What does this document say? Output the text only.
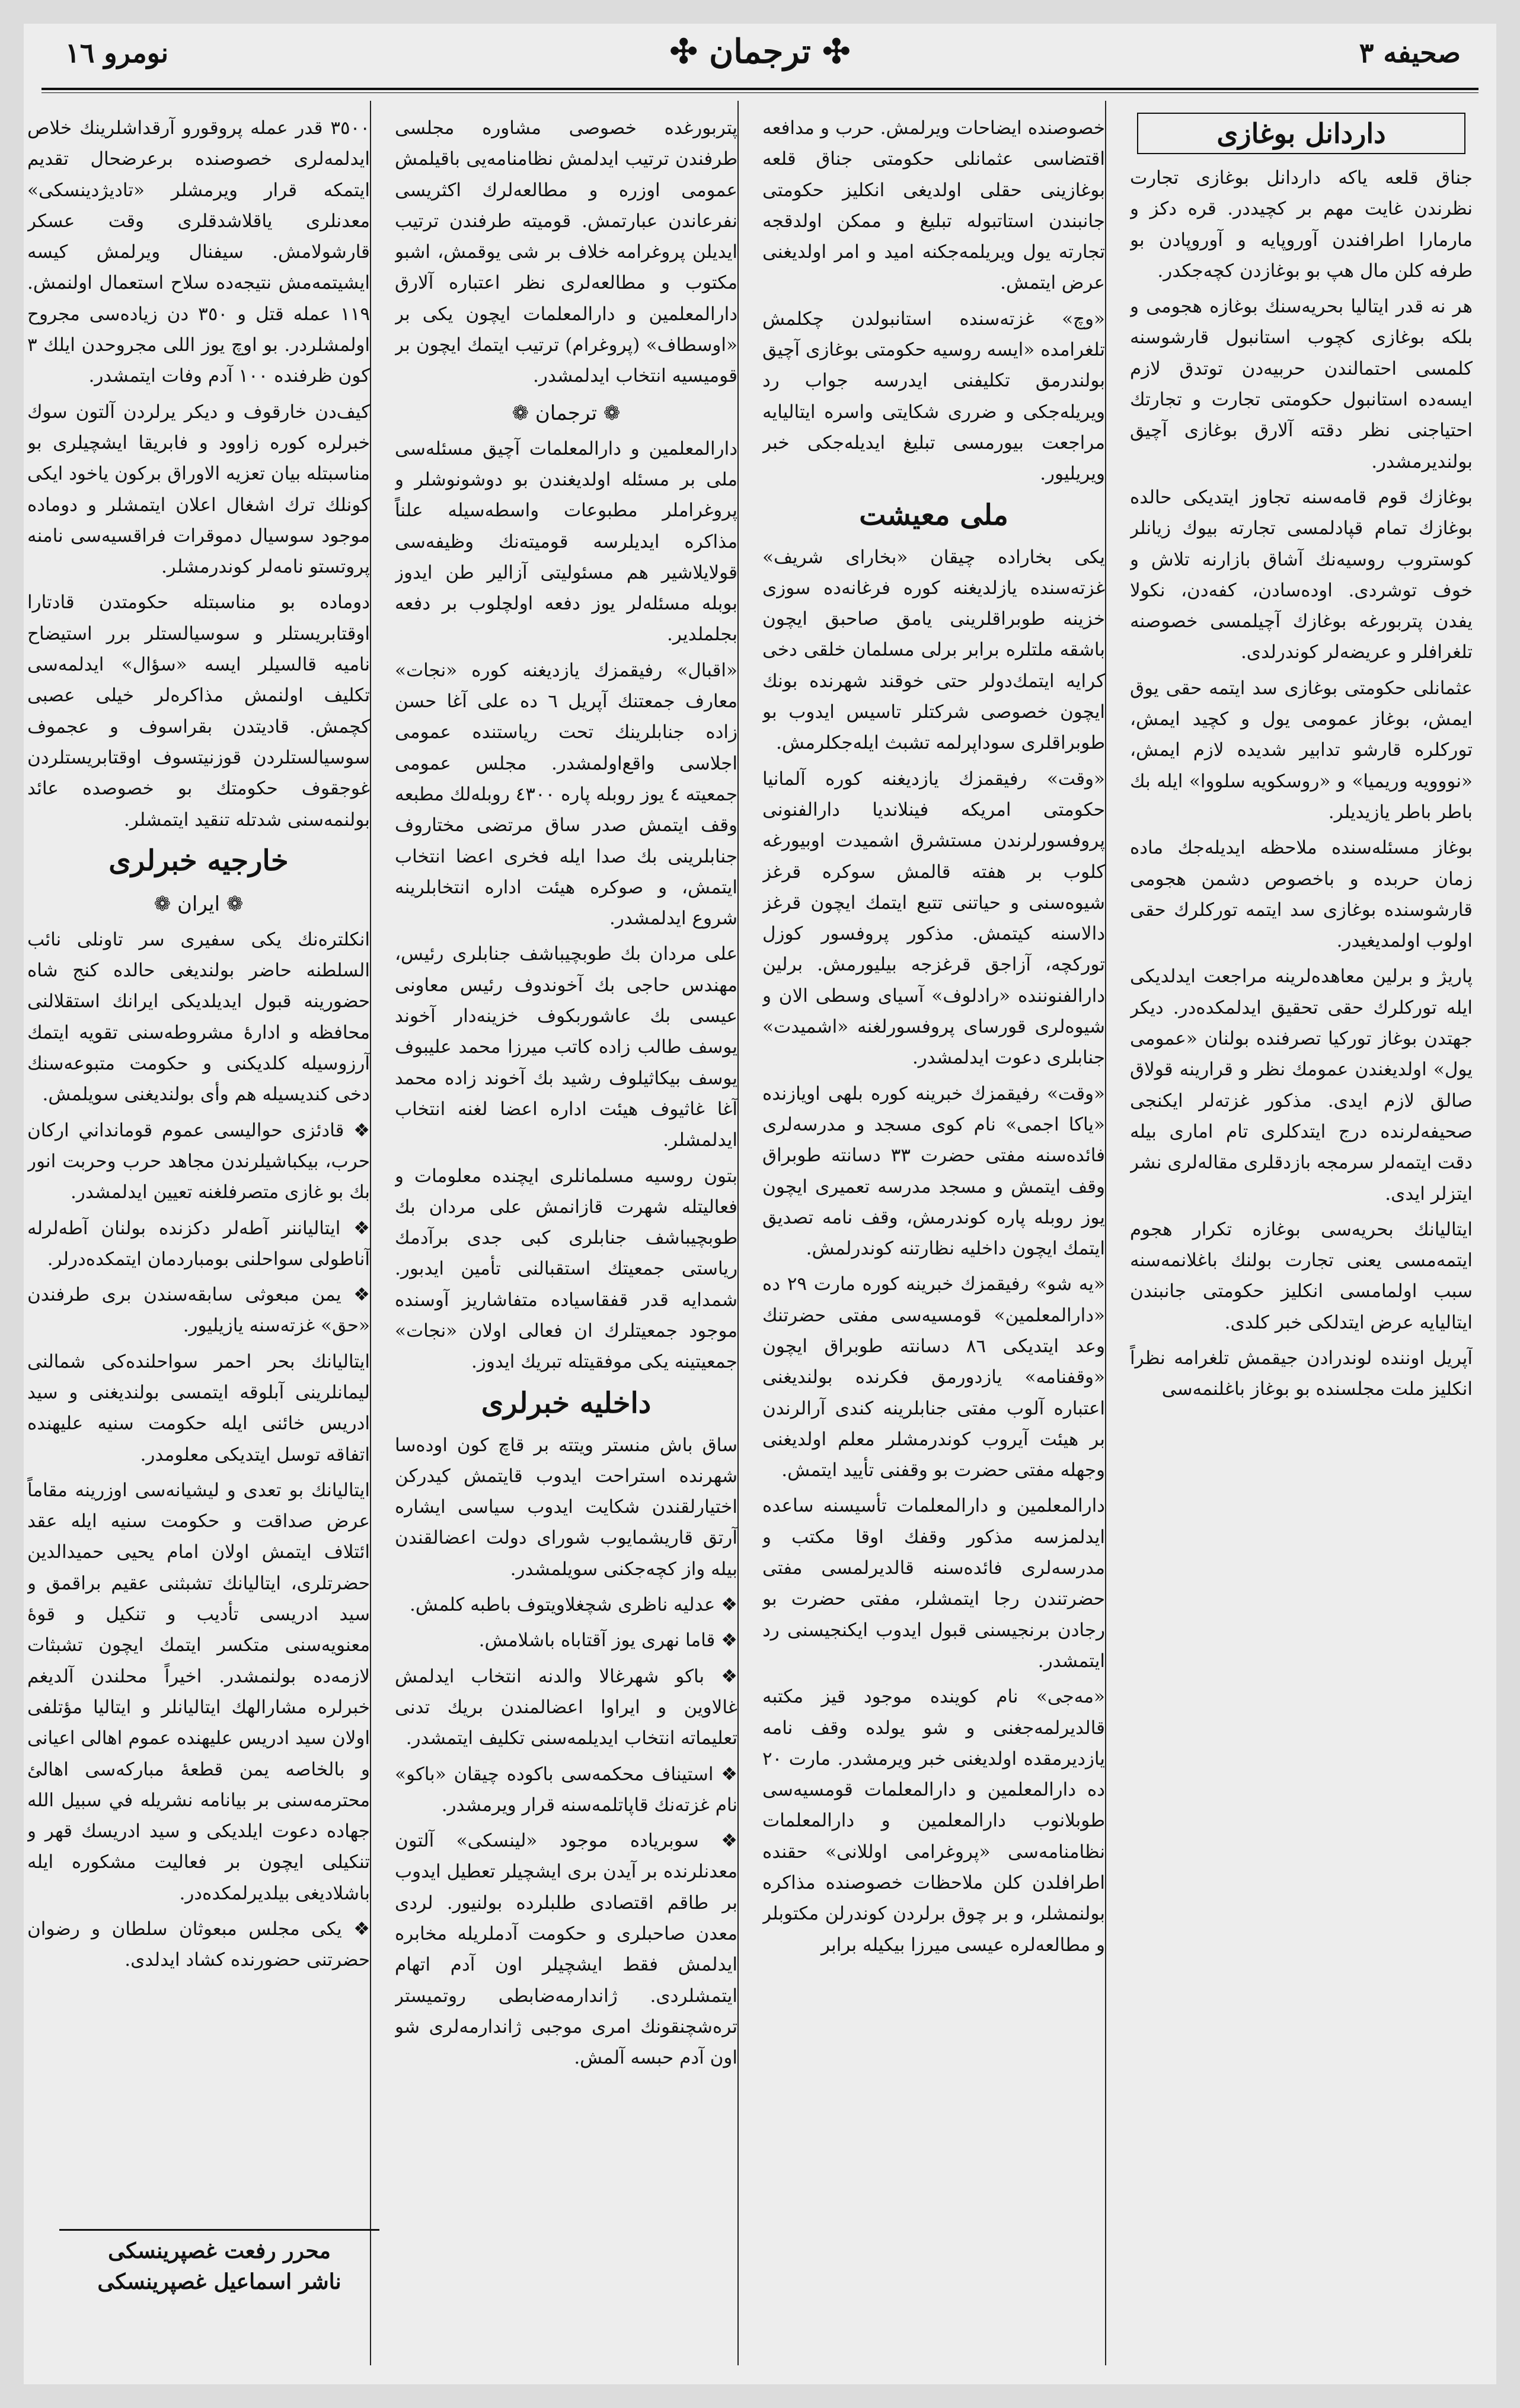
صحيفه ٣
✣ ترجمان ✣
نومرو ١٦
داردانل بوغازى

جناق قلعه ياكه داردانل بوغازى تجارت نظرندن غايت مهم بر كچيددر. قره دكز و مارمارا اطرافندن آوروپايه و آوروپادن بو طرفه كلن مال هپ بو بوغازدن كچه‌جكدر.

هر نه قدر ايتاليا بحريه‌سنك بوغازه هجومى و بلكه بوغازى كچوب استانبول قارشوسنه كلمسى احتمالندن حربيه‌دن توتدق لازم ايسه‌ده استانبول حكومتى تجارت و تجارتك احتياجنى نظر دقته آلارق بوغازى آچيق بولنديرمشدر.

بوغازك قوم قامه‌سنه تجاوز ايتديكى حالده بوغازك تمام قپادلمسى تجارته بيوك زيانلر كوستروب روسيه‌نك آشاق بازارنه تلاش و خوف توشردى. اوده‌سادن، كفه‌دن، نكولا يفدن پتربورغه بوغازك آچيلمسى خصوصنه تلغرافلر و عريضه‌لر كوندرلدى.

عثمانلى حكومتى بوغازى سد ايتمه حقى يوق ايمش، بوغاز عمومى يول و كچيد ايمش، توركلره قارشو تدابير شديده لازم ايمش، «نووويه وريميا» و «روسكويه سلووا» ايله بك باطر باطر يازيديلر.

بوغاز مسئله‌سنده ملاحظه ايديله‌جك ماده زمان حربده و باخصوص دشمن هجومى قارشوسنده بوغازى سد ايتمه توركلرك حقى اولوب اولمديغيدر.

پاريژ و برلين معاهده‌لرينه مراجعت ايدلديكى ايله توركلرك حقى تحقيق ايدلمكده‌در. ديكر جهتدن بوغاز توركيا تصرفنده بولنان «عمومى يول» اولديغندن عمومك نظر و قرارينه قولاق صالق لازم ايدى. مذكور غزته‌لر ايكنجى صحيفه‌لرنده درج ايتدكلرى تام امارى بيله دقت ايتمه‌لر سرمجه بازدقلرى مقاله‌لرى نشر ايتزلر ايدى.

ايتاليانك بحريه‌سى بوغازه تكرار هجوم ايتمه‌مسى يعنى تجارت بولنك باغلانمه‌سنه سبب اولمامسى انكليز حكومتى جانبندن ايتاليايه عرض ايتدلكى خبر كلدى.

آپريل اوننده لوندرادن جيقمش تلغرامه نظراً انكليز ملت مجلسنده بو بوغاز باغلنمه‌سى

خصوصنده ايضاحات ويرلمش. حرب و مدافعه اقتضاسى عثمانلى حكومتى جناق قلعه بوغازينى حقلى اولديغى انكليز حكومتى جانبندن استاتبوله تبليغ و ممكن اولدقجه تجارته يول ويريلمه‌جكنه اميد و امر اولديغنى عرض ايتمش.

«وچ» غزته‌سنده استانبولدن چكلمش تلغرامده «ايسه روسيه حكومتى بوغازى آچيق بولندرمق تكليفنى ايدرسه جواب رد ويريله‌جكى و ضررى شكايتى واسره ايتاليايه مراجعت بيورمسى تبليغ ايديله‌جكى خبر ويريليور.

ملى معيشت

يكى بخاراده چيقان «بخاراى شريف» غزته‌سنده يازلديغنه كوره فرغانه‌ده سوزى خزينه طوبراقلرينى يامق صاحبق ايچون باشقه ملتلره برابر برلى مسلمان خلقى دخى كرايه ايتمك‌دولر حتى خوقند شهرنده بونك ايچون خصوصى شركتلر تاسيس ايدوب بو طوبراقلرى سوداپرلمه تشبث ايله‌جكلرمش.

«وقت» رفيقمزك يازديغنه كوره آلمانيا حكومتى امريكه فينلانديا دارالفنونى پروفسورلرندن مستشرق اشميدت اوبيورغه كلوب بر هفته قالمش سوكره قرغز شيوه‌سنى و حياتنى تتبع ايتمك ايچون قرغز دالاسنه كيتمش. مذكور پروفسور كوزل توركچه، آزاجق قرغزجه بيليورمش. برلين دارالفنوننده «رادلوف» آسياى وسطى الان و شيوه‌لرى قورساى پروفسورلغنه «اشميدت» جنابلرى دعوت ايدلمشدر.

«وقت» رفيقمزك خبرينه كوره بلهى اويازنده «ياكا اجمى» نام كوى مسجد و مدرسه‌لرى فائده‌سنه مفتى حضرت ٣٣ دسانته طوبراق وقف ايتمش و مسجد مدرسه تعميرى ايچون يوز روبله پاره كوندرمش، وقف نامه تصديق ايتمك ايچون داخليه نظارتنه كوندرلمش.

«يه شو» رفيقمزك خبرينه كوره مارت ٢٩ ده «دارالمعلمين» قومسيه‌سى مفتى حضرتنك وعد ايتديكى ٨٦ دسانته طوبراق ايچون «وقفنامه» يازدورمق فكرنده بولنديغنى اعتباره آلوب مفتى جنابلرينه كندى آرالرندن بر هيئت آيروب كوندرمشلر معلم اولديغنى وجهله مفتى حضرت بو وقفنى تأييد ايتمش.

دارالمعلمين و دارالمعلمات تأسيسنه ساعده ايدلمزسه مذكور وقفك اوقا مكتب و مدرسه‌لرى فائده‌سنه قالديرلمسى مفتى حضرتندن رجا ايتمشلر، مفتى حضرت بو رجادن برنجيسنى قبول ايدوب ايكنجيسنى رد ايتمشدر.

«مه‌جى» نام كوينده موجود قيز مكتبه قالديرلمه‌جغنى و شو يولده وقف نامه يازديرمقده اولديغنى خبر ويرمشدر. مارت ٢٠ ده دارالمعلمين و دارالمعلمات قومسيه‌سى طوبلانوب دارالمعلمين و دارالمعلمات نظامنامه‌سى «پروغرامى اوللانى» حقنده اطرافلدن كلن ملاحظات خصوصنده مذاكره بولنمشلر، و بر چوق برلردن كوندرلن مكتوبلر و مطالعه‌لره عيسى ميرزا بيكيله برابر

پتربورغده خصوصى مشاوره مجلسى طرفندن ترتيب ايدلمش نظامنامه‌يى باقيلمش عمومى اوزره و مطالعه‌لرك اكثريسى نفرعاندن عبارتمش. قوميته طرفندن ترتيب ايديلن پروغرامه خلاف بر شى يوقمش، اشبو مكتوب و مطالعه‌لرى نظر اعتباره آلارق دارالمعلمين و دارالمعلمات ايچون يكى بر «اوسطاف» (پروغرام) ترتيب ايتمك ايچون بر قوميسيه انتخاب ايدلمشدر.

❁ ترجمان ❁

دارالمعلمين و دارالمعلمات آچيق مسئله‌سى ملى بر مسئله اولديغندن بو دوشونوشلر و پروغراملر مطبوعات واسطه‌سيله علناً مذاكره ايديلرسه قوميته‌نك وظيفه‌سى قولايلاشير هم مسئوليتى آزالير طن ايدوز بوبله مسئله‌لر يوز دفعه اولچلوب بر دفعه بجلملدير.

«اقبال» رفيقمزك يازديغنه كوره «نجات» معارف جمعتنك آپريل ٦ ده على آغا حسن زاده جنابلرينك تحت رياستنده عمومى اجلاسى واقع‌اولمشدر. مجلس عمومى جمعيته ٤ يوز روبله پاره ٤٣٠٠ روبله‌لك مطبعه وقف ايتمش صدر ساق مرتضى مختاروف جنابلرينى بك صدا ايله فخرى اعضا انتخاب ايتمش، و صوكره هيئت اداره انتخابلرينه شروع ايدلمشدر.

على مردان بك طوبچيباشف جنابلرى رئيس، مهندس حاجى بك آخوندوف رئيس معاونى عيسى بك عاشوربكوف خزينه‌دار آخوند يوسف طالب زاده كاتب ميرزا محمد عليبوف يوسف بيكاثيلوف رشيد بك آخوند زاده محمد آغا غاثيوف هيئت اداره اعضا لغنه انتخاب ايدلمشلر.

بتون روسيه مسلمانلرى ايچنده معلومات و فعاليتله شهرت قازانمش على مردان بك طوبچيباشف جنابلرى كبى جدى برآدمك رياستى جمعيتك استقبالنى تأمين ايدبور. شمدايه قدر قفقاسياده متفاشاريز آوسنده موجود جمعيتلرك ان فعالى اولان «نجات» جمعيتينه يكى موفقيتله تبريك ايدوز.

داخليه خبرلرى

ساق باش منستر ويتته بر قاچ كون اوده‌سا شهرنده استراحت ايدوب قايتمش كيدركن اختيارلقندن شكايت ايدوب سياسى ايشاره آرتق قاريشمايوب شوراى دولت اعضالقندن بيله واز كچه‌جكنى سويلمشدر.

❖ عدليه ناظرى شچغلاويتوف باطبه كلمش.

❖ قاما نهرى يوز آقتاباه باشلامش.

❖ باكو شهرغالا والدنه انتخاب ايدلمش غالاوين و ايراوا اعضالمندن بريك تدنى تعليماته انتخاب ايديلمه‌سنى تكليف ايتمشدر.

❖ استيناف محكمه‌سى باكوده چيقان «باكو» نام غزته‌نك قاپاتلمه‌سنه قرار ويرمشدر.

❖ سوبرياده موجود «لينسكى» آلتون معدنلرنده بر آيدن برى ايشچيلر تعطيل ايدوب بر طاقم اقتصادى طلبلرده بولنيور. لردى معدن صاحبلرى و حكومت آدملريله مخابره ايدلمش فقط ايشچيلر اون آدم اتهام ايتمشلردى. ژاندارمه‌ضابطى روتميستر تره‌شچنقونك امرى موجبى ژاندارمه‌لرى شو اون آدم حبسه آلمش.

٣٥٠٠ قدر عمله پروقورو آرقداشلرينك خلاص ايدلمه‌لرى خصوصنده برعرضحال تقديم ايتمكه قرار ويرمشلر «تاديژدينسكى» معدنلرى ياقلاشدقلرى وقت عسكر قارشولامش. سيفنال ويرلمش كيسه ايشيتمه‌مش نتيجه‌ده سلاح استعمال اولنمش. ١١٩ عمله قتل و ٣٥٠ دن زياده‌سى مجروح اولمشلردر. بو اوچ يوز اللى مجروحدن ايلك ٣ كون ظرفنده ١٠٠ آدم وفات ايتمشدر.

كيف‌دن خارقوف و ديكر يرلردن آلتون سوك خبرلره كوره زاوود و فابريقا ايشچيلرى بو مناسبتله بيان تعزيه الاوراق بركون ياخود ايكى كونلك ترك اشغال اعلان ايتمشلر و دوماده موجود سوسيال دموقرات فراقسيه‌سى نامنه پروتستو نامه‌لر كوندرمشلر.

دوماده بو مناسبتله حكومتدن قادتارا اوقتابريستلر و سوسيالستلر برر استيضاح ناميه قالسيلر ايسه «سؤال» ايدلمه‌سى تكليف اولنمش مذاكره‌لر خيلى عصبى كچمش. قاديتدن بقراسوف و عجموف سوسيالستلردن قوزنيتسوف اوقتابريستلردن غوجقوف حكومتك بو خصوصده عائد بولنمه‌سنى شدتله تنقيد ايتمشلر.

خارجيه خبرلرى
❁ ايران ❁

انكلتره‌نك يكى سفيرى سر تاونلى نائب السلطنه حاضر بولنديغى حالده كنج شاه حضورينه قبول ايديلديكى ايرانك استقلالنى محافظه و ادارهٔ مشروطه‌سنى تقويه ايتمك آرزوسيله كلديكنى و حكومت متبوعه‌سنك دخى كنديسيله هم وأى بولنديغنى سويلمش.

❖ قادئزى حواليسى عموم قومانداني اركان حرب، بيكباشيلرندن مجاهد حرب وحربت انور بك بو غازى متصرفلغنه تعيين ايدلمشدر.

❖ ايتالياننر آطه‌لر دكزنده بولنان آطه‌لرله آناطولى سواحلنى بومباردمان ايتمكده‌درلر.

❖ يمن مبعوثى سابقه‌سندن برى طرفندن «حق» غزته‌سنه يازيليور.

ايتاليانك بحر احمر سواحلنده‌كى شمالنى ليمانلرينى آبلوقه ايتمسى بولنديغنى و سيد ادريس خائنى ايله حكومت سنيه عليهنده اتفاقه توسل ايتديكى معلومدر.

ايتاليانك بو تعدى و ليشيانه‌سى اوزرينه مقاماً عرض صداقت و حكومت سنيه ايله عقد ائتلاف ايتمش اولان امام يحيى حميدالدين حضرتلرى، ايتاليانك تشبثنى عقيم براقمق و سيد ادريسى تأديب و تنكيل و قوهٔ معنويه‌سنى متكسر ايتمك ايچون تشبثات لازمه‌ده بولنمشدر. اخيراً محلندن آلديغم خبرلره مشارالهك ايتاليانلر و ايتاليا مؤتلفى اولان سيد ادريس عليهنده عموم اهالى اعيانى و بالخاصه يمن قطعهٔ مباركه‌سى اهالئ محترمه‌سنى بر بيانامه نشريله في سبيل الله جهاده دعوت ايلديكى و سيد ادريسك قهر و تنكيلى ايچون بر فعاليت مشكوره ايله باشلاديغى بيلديرلمكده‌در.

❖ يكى مجلس مبعوثان سلطان و رضوان حضرتنى حضورنده كشاد ايدلدى.

محرر رفعت غصپرينسكى
ناشر اسماعيل غصپرينسكى
